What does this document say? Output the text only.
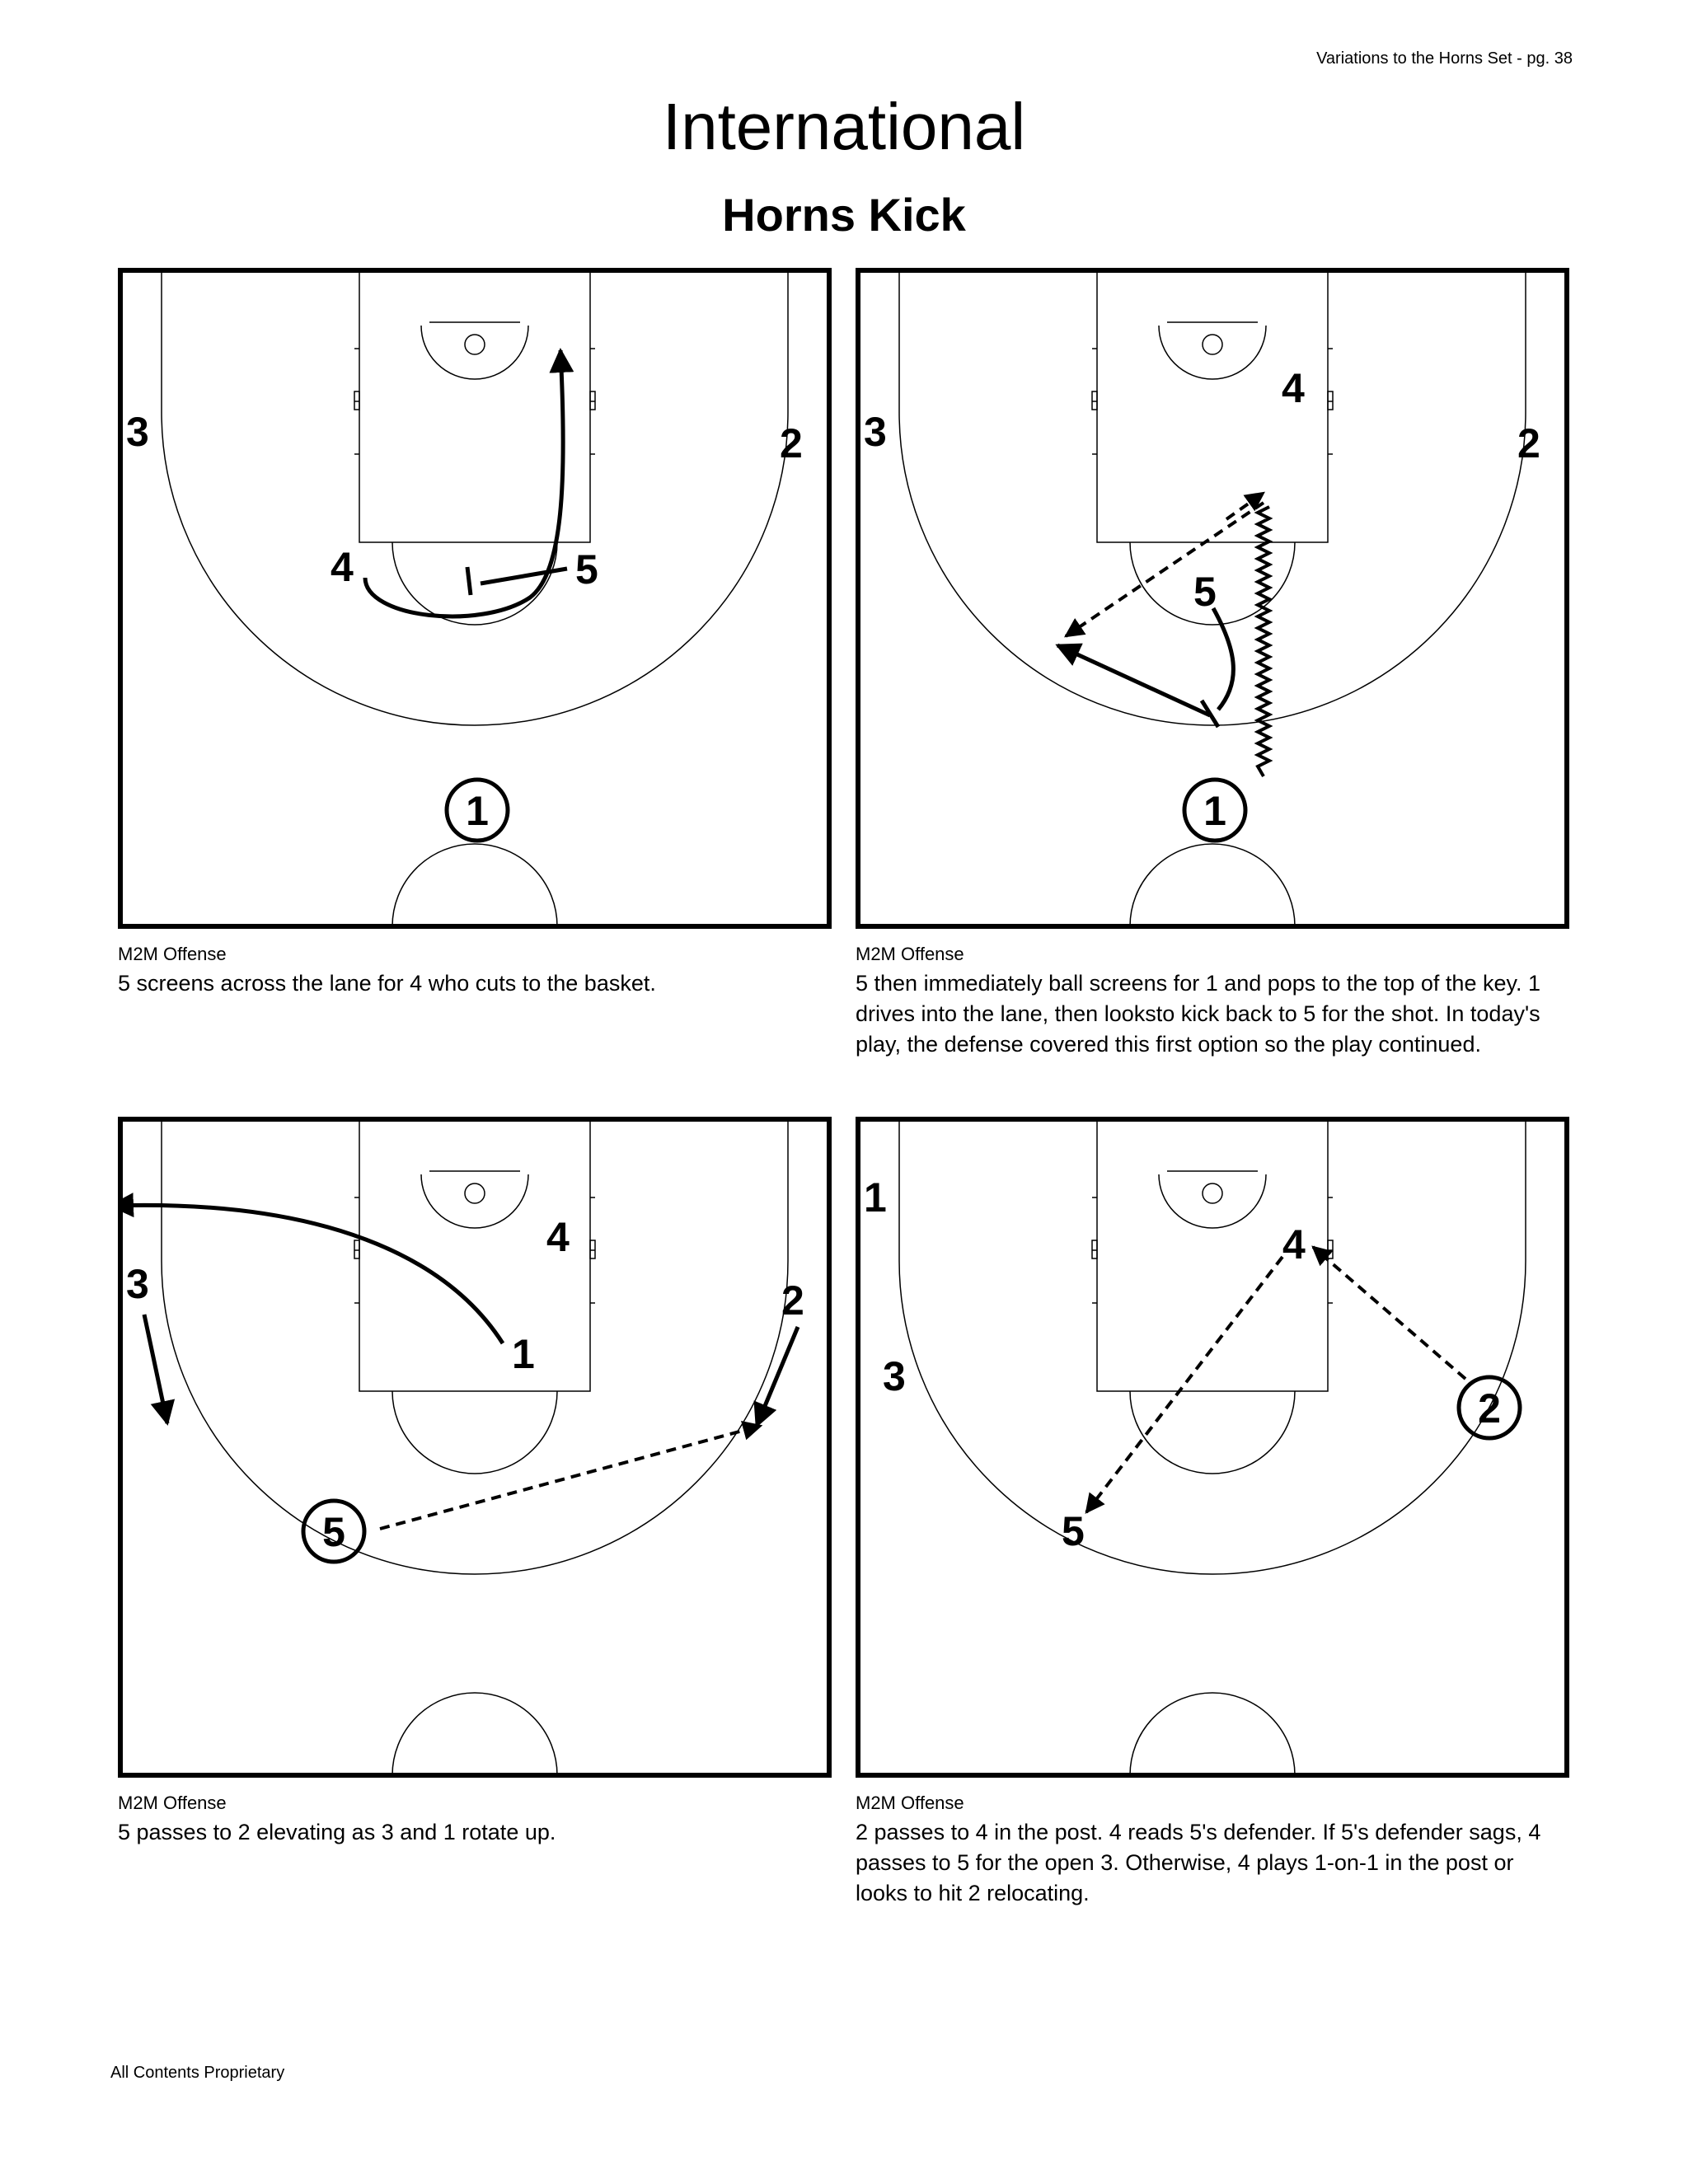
Variations to the Horns Set - pg. 38
International
Horns Kick
3	2
4	5
1
M2M Offense
5 screens across the lane for 4 who cuts to the basket.
3	2
4
5
1
M2M Offense
5 then immediately ball screens for 1 and pops to the top of the key. 1 drives into the lane, then looksto kick back to 5 for the shot. In today's play, the defense covered this first option so the play continued.
3
4
1
2
5
M2M Offense
5 passes to 2 elevating as 3 and 1 rotate up.
1
4
3
2
5
M2M Offense
2 passes to 4 in the post. 4 reads 5's defender. If 5's defender sags, 4 passes to 5 for the open 3. Otherwise, 4 plays 1-on-1 in the post or looks to hit 2 relocating.
All Contents Proprietary
